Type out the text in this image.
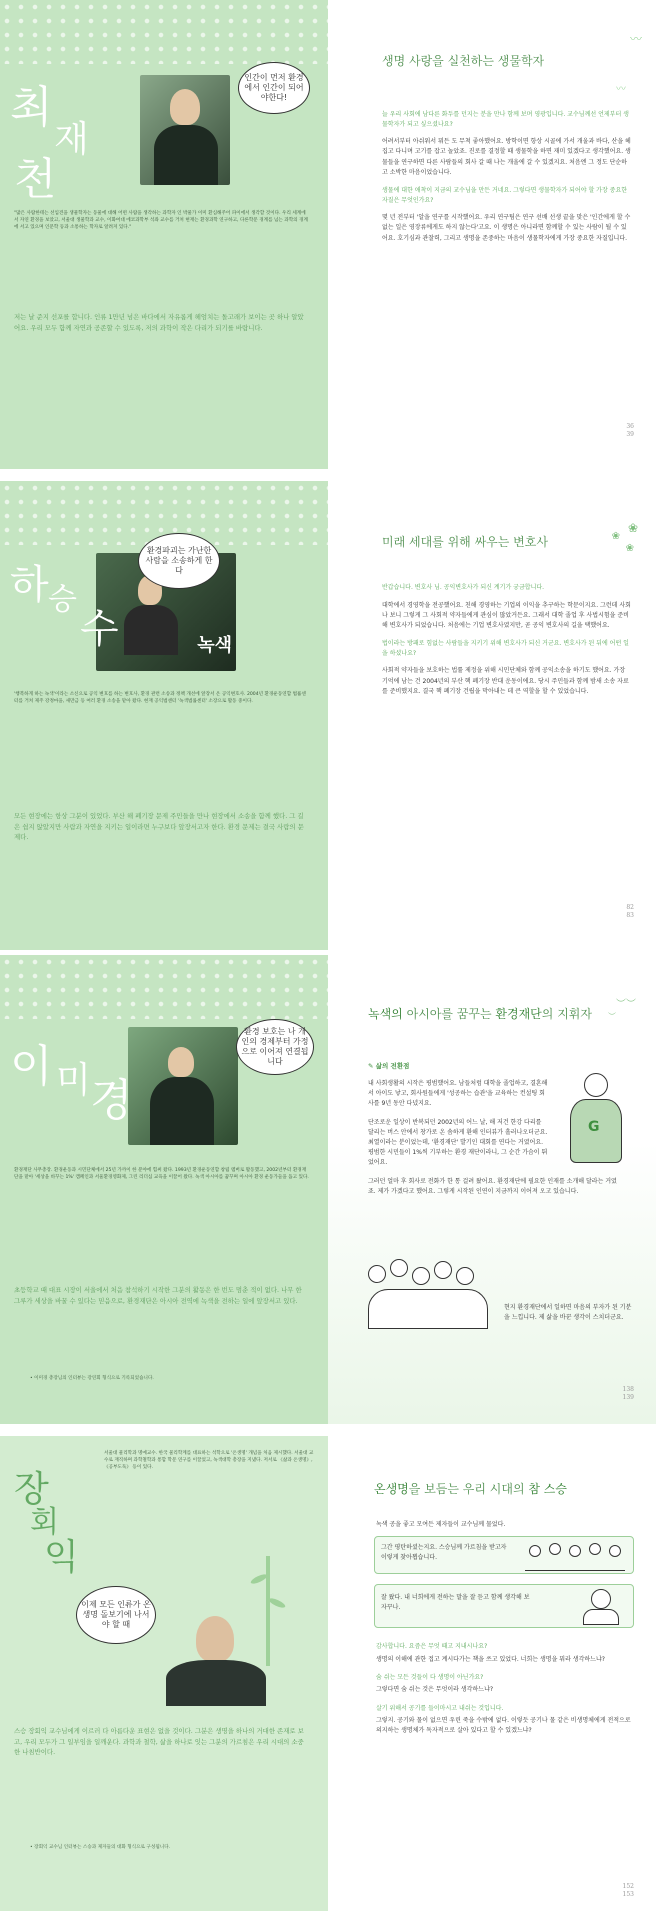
인간이 먼저 환경에서 인간이 되어야한다!
최
재
천
"많은 사람한테는 선입견을 생물학자는 동물에 대해 어떤 사람을 생각하는 과학자 인 박물가 이미 환심해주어 파이에서 생각할 것이다. 우리 세계에서 자연 환경을 보았고, 서울대 생물학과 교수, 이화여대 에코과학부 석좌 교수를 거쳐 현재는 환경과학 연구하고, 다른학문 경계를 넘는 과학의 경계에 서고 있으며 인문학 등과 소통하는 학자로 알려져 있다."
저는 날 준지 선포를 합니다. 인류 1만년 넘은 바다에서 자유롭게 헤엄치는 돌고래가 보이는 곳 하나 알았어요. 우리 모두 함께 자연과 공존할 수 있도록, 저의 과학이 작은 다리가 되기를 바랍니다.
〰
〰
생명 사랑을 실천하는 생물학자

늘 우리 사회에 남다른 화두를 던지는 분을 만나 함께 보며 영광입니다. 교수님께선 언제부터 생물학자가 되고 싶으셨나요?

어려서부터 아쉬워서 뭐든 도 무척 좋아했어요. 방학이면 항상 시골에 가서 개울과 바다, 산을 헤집고 다니며 고기를 잡고 놀았죠. 진로를 결정할 때 생물학을 하면 재미 있겠다고 생각했어요. 생물들을 연구하면 다른 사람들의 회사 갈 때 나는 개울에 갈 수 있겠지요. 처음엔 그 정도 단순하고 소박한 마음이었습니다.

생물에 대한 애착이 지금의 교수님을 만든 거네요. 그렇다면 생물학자가 되어야 할 가장 중요한 자질은 무엇인가요?

몇 년 전부터 '알을 연구를 시작했어요. 우리 연구팀은 연구 선배 선생 끝을 맞은 '인간에게 할 수 없는 일은 영장류에게도 하지 않는다'고요. 이 생명은 아니라면 함께할 수 있는 사람이 될 수 있어요. 호기심과 관찰력, 그리고 생명을 존중하는 마음이 생물학자에게 가장 중요한 자질입니다.

36
39
녹색
환경파괴는 가난한 사람을 소송하게 한다
하 승
수
'행복하게 하는 녹색'이라는 소신으로 공익 변호를 하는 변호사, 환경 관련 소송과 정책 개선에 앞장서 온 공익변호사. 2004년 환경운동연합 법률센터를 거쳐 제주 강정마을, 새만금 등 여러 환경 소송을 맡아 왔다. 현재 공익법센터 '녹색법률센터' 소장으로 활동 중이다.
모든 현장에는 항상 그분이 있었다. 부산 해 폐기장 문제 주민들을 만나 현장에서 소송을 함께 했다. 그 길은 쉽지 않았지만 사람과 자연을 지키는 일이라면 누구보다 앞장서고자 한다. 환경 문제는 결국 사람의 문제다.
❀
❀
❀
미래 세대를 위해 싸우는 변호사

반갑습니다. 변호사 님. 공익변호사가 되신 계기가 궁금합니다.

대학에서 경영학을 전공했어요. 친해 경영하는 기업의 이익을 추구하는 학문이지요. 그런데 사회 나 보니 그렇게 그 사회적 약자들에게 관심이 많았거든요. 그래서 대학 졸업 후 사법시험을 준비해 변호사가 되었습니다. 처음에는 기업 변호사였지만, 곧 공익 변호사의 길을 택했어요.

법이라는 방패로 힘없는 사람들을 지키기 위해 변호사가 되신 거군요. 변호사가 된 뒤에 어떤 일을 하셨나요?

사회적 약자들을 보호하는 법률 제정을 위해 시민단체와 함께 공익소송을 하기도 했어요. 가장 기억에 남는 건 2004년의 부산 핵 폐기장 반대 운동이에요. 당시 주민들과 함께 밤새 소송 자료를 준비했지요. 결국 핵 폐기장 건립을 막아내는 데 큰 역할을 할 수 있었습니다.

82
83
환경 보호는 나 개인의 경제부터 가정으로 이어져 연결됩니다
이 미 경
환경재단 사무총장. 환경운동과 시민단체에서 25년 가까이 한 분야에 힘써 왔다. 1993년 환경운동연합 창립 멤버로 활동했고, 2002년부터 환경재단을 맡아 '세상을 바꾸는 1%' 캠페인과 서울환경영화제, 그린 리더십 교육을 이끌어 왔다. 녹색 아시아를 꿈꾸며 아시아 환경 운동가들을 돕고 있다.
초등학교 때 대표 시장이 서울에서 처음 참석하기 시작한 그분의 활동은 한 번도 멈춘 적이 없다. 나무 한 그루가 세상을 바꿀 수 있다는 믿음으로, 환경재단은 아시아 전역에 녹색을 전하는 일에 앞장서고 있다.
• 이미경 총장님의 인터뷰는 강연회 형식으로 기록되었습니다.
︶︶
︶
녹색의 아시아를 꿈꾸는 환경재단의 지휘자
✎ 삶의 전환점

내 사회생활의 시작은 평범했어요. 남들처럼 대학을 졸업하고, 결혼해서 아이도 낳고, 회사원들에게 '성공하는 습관'을 교육하는 컨설팅 회사를 9년 동안 다녔지요.

단조로운 일상이 반복되던 2002년의 어느 날, 해 저건 한강 다리를 달리는 버스 안에서 창가로 온 솜하게 환해 인터뷰가 흘러나오더군요. 최열이라는 분이었는데, '환경재단' 발기인 대회를 연다는 거였어요. 평범한 시민들이 1%씩 기부하는 환경 재단이라니, 그 순간 가슴이 뛰었어요.

그러던 얼마 후 회사로 전화가 한 통 걸려 왔어요. 환경재단에 필요한 인재를 소개해 달라는 거였죠. 제가 가겠다고 했어요. 그렇게 시작된 인연이 지금까지 이어져 오고 있습니다.

G

현지 환경재단에서 일하면 마음의 부자가 된 기분을 느낍니다. 제 삶을 바꾼 생각이 스치더군요.

138
139
장
회
익
서울대 물리학과 명예교수. 한국 물리학계를 대표하는 석학으로 '온생명' 개념을 처음 제시했다. 서울대 교수로 재직하며 과학철학과 통합 학문 연구를 이끌었고, 녹색대학 총장을 지냈다. 저서로 《삶과 온생명》, 《공부도둑》 등이 있다.
이제 모든 인류가 온생명 돌보기에 나서야 할 때
스승 장회익 교수님에게 이르러 다 아름다운 표현은 없을 것이다. 그분은 생명을 하나의 거대한 존재로 보고, 우리 모두가 그 일부임을 일깨운다. 과학과 철학, 삶을 하나로 잇는 그분의 가르침은 우리 시대의 소중한 나침반이다.
• 장회익 교수님 인터뷰는 스승과 제자들의 대화 형식으로 구성됩니다.
온생명을 보듬는 우리 시대의 참 스승

녹색 공을 좋고 모여든 제자들이 교수님께 물었다.

그간 평탄하셨는지요. 스승님께 가르침을 받고자 이렇게 찾아뵙습니다.
잘 왔다. 내 너희에게 전하는 말을 잘 듣고 함께 생각해 보자꾸나.

감사합니다. 요즘은 무엇 때고 지내시나요?

생명의 이해에 관한 접고 계시다가는 책을 쓰고 있었다. 너희는 생명을 뭐라 생각하느냐?

숨 쉬는 모든 것들이 다 생명이 아닌가요?

그렇다면 숨 쉬는 것은 무엇이라 생각하느냐?

살기 위해서 공기를 들이마시고 내쉬는 것입니다.

그렇지. 공기와 물이 없으면 우린 죽을 수밖에 없다. 이렇듯 공기나 물 같은 비생명체에게 전적으로 의지하는 생명체가 독자적으로 살아 있다고 할 수 있겠느냐?

152
153
